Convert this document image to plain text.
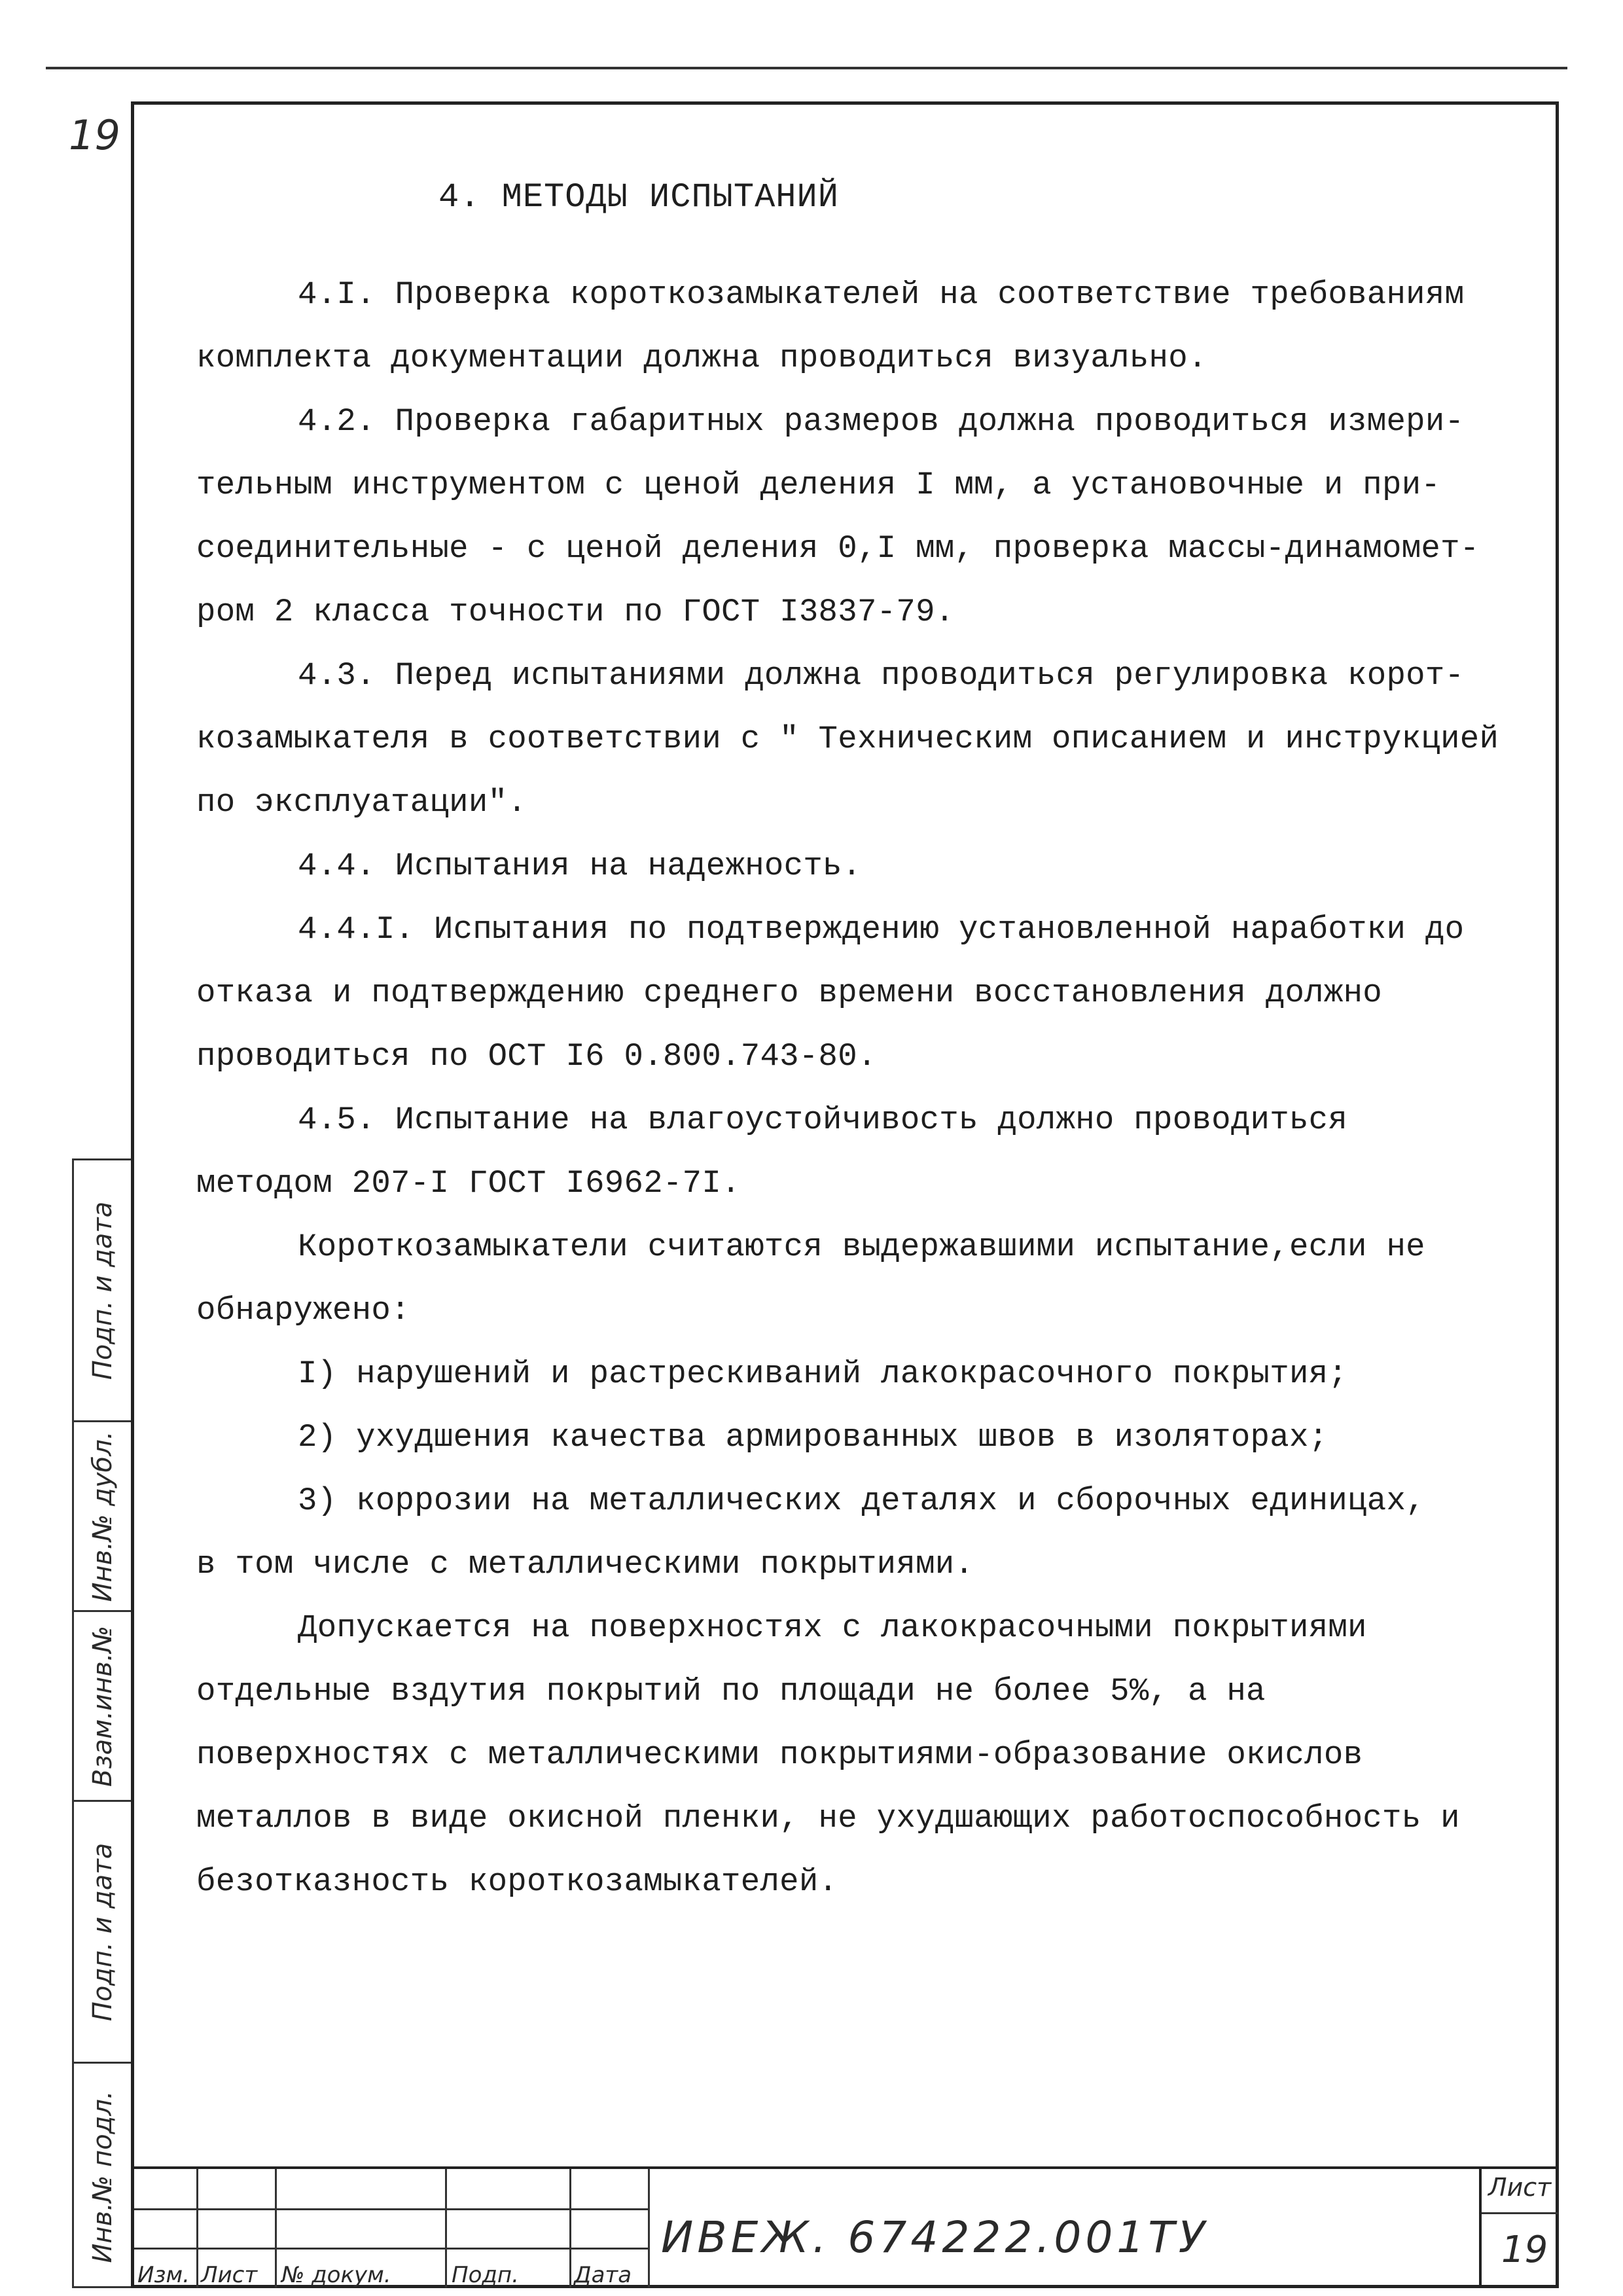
19
4. МЕТОДЫ ИСПЫТАНИЙ
4.I. Проверка короткозамыкателей на соответствие требованиям
комплекта документации должна проводиться визуально.
4.2. Проверка габаритных размеров должна проводиться измери-
тельным инструментом с ценой деления I мм, а установочные и при-
соединительные - с ценой деления 0,I мм, проверка массы-динамомет-
ром 2 класса точности по ГОСТ I3837-79.
4.3. Перед испытаниями должна проводиться регулировка корот-
козамыкателя в соответствии с " Техническим описанием и инструкцией
по эксплуатации".
4.4. Испытания на надежность.
4.4.I. Испытания по подтверждению установленной наработки до
отказа и подтверждению среднего времени восстановления должно
проводиться по ОСТ I6 0.800.743-80.
4.5. Испытание на влагоустойчивость должно проводиться
методом 207-I ГОСТ I6962-7I.
Короткозамыкатели считаются выдержавшими испытание,если не
обнаружено:
I) нарушений и растрескиваний лакокрасочного покрытия;
2) ухудшения качества армированных швов в изоляторах;
3) коррозии на металлических деталях и сборочных единицах,
в том числе с металлическими покрытиями.
Допускается на поверхностях с лакокрасочными покрытиями
отдельные вздутия покрытий по площади не более 5%, а на
поверхностях с металлическими покрытиями-образование окислов
металлов в виде окисной пленки, не ухудшающих работоспособность и
безотказность короткозамыкателей.
Подп. и дата
Инв.№ дубл.
Взам.инв.№
Подп. и дата
Инв.№ подл.
Изм. Лист № докум.	Подп. Дата
ИВЕЖ. 674222.001ТУ
Лист
19
